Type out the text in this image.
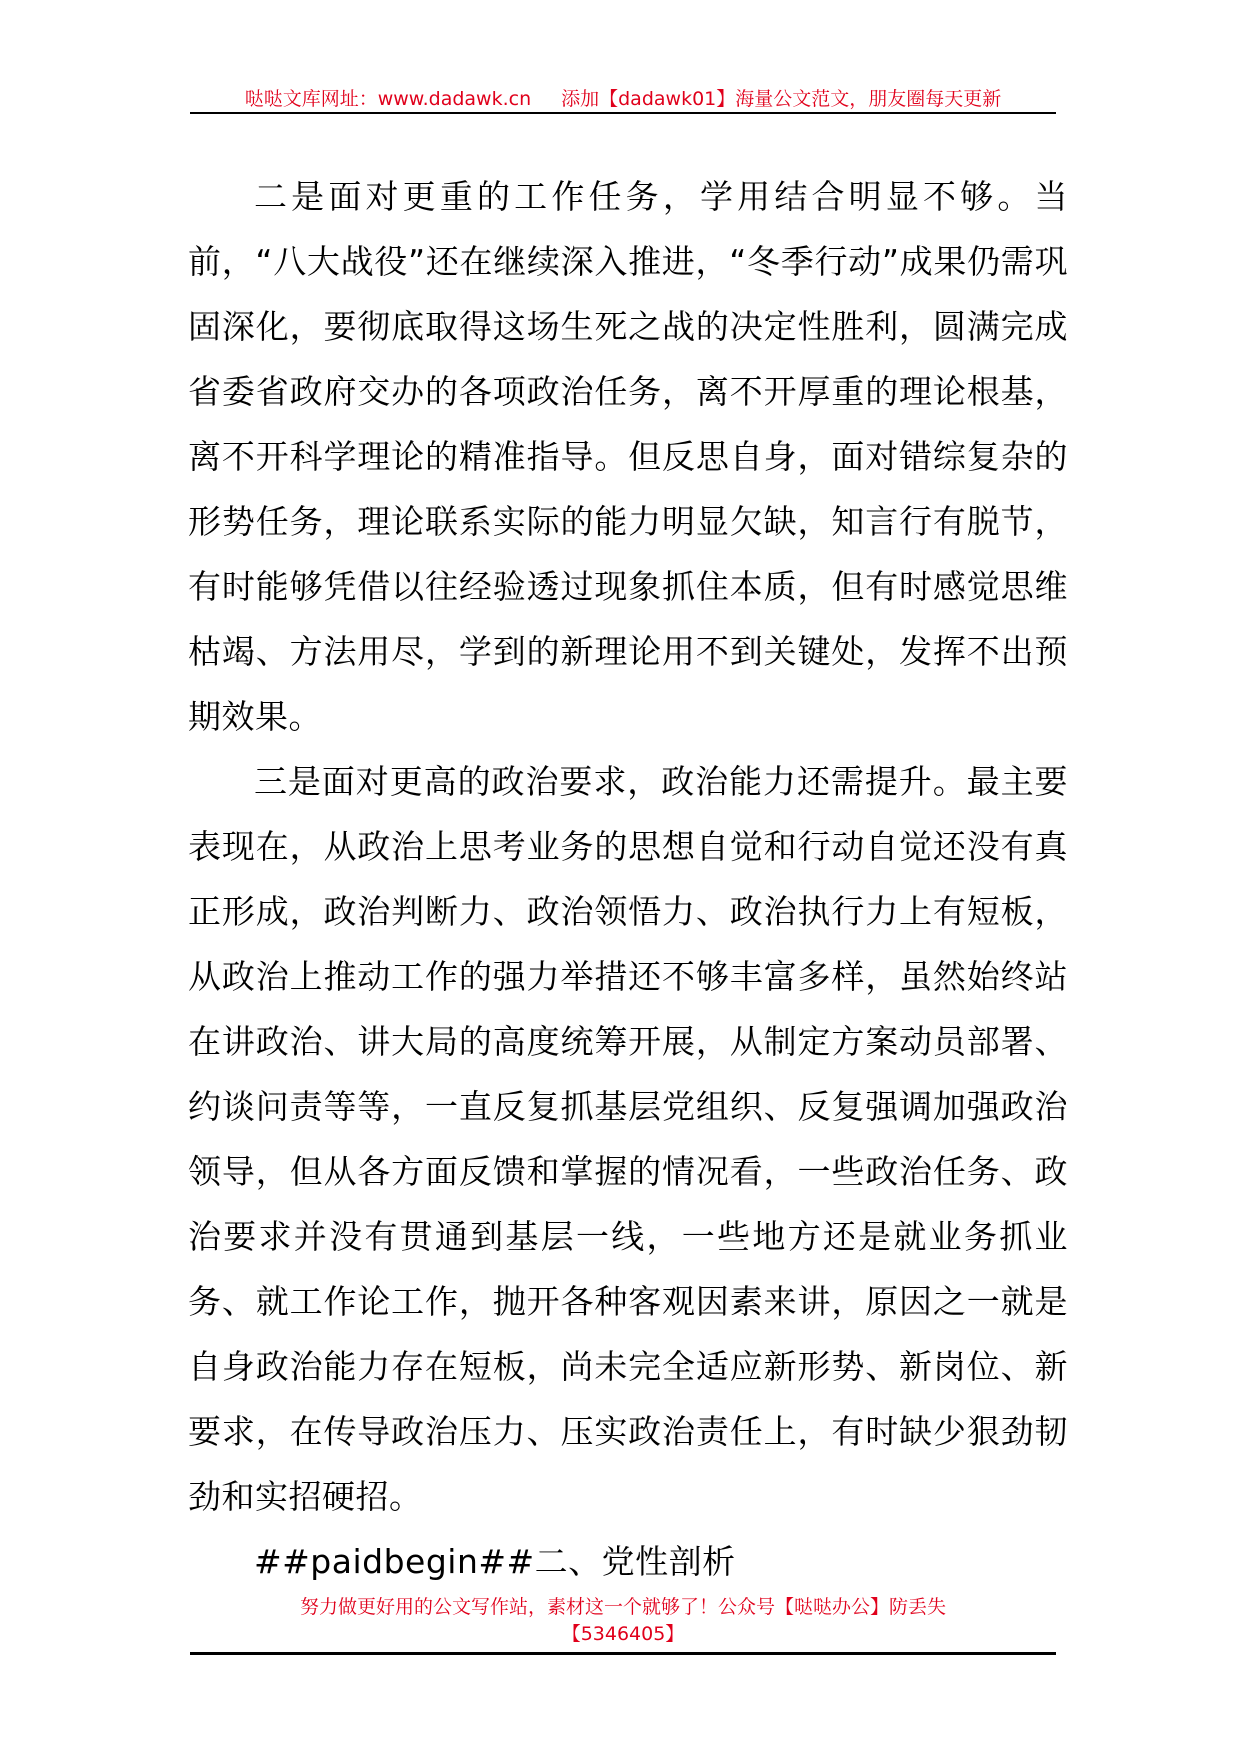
哒哒文库网址：www.dadawk.cn 添加【dadawk01】海量公文范文，朋友圈每天更新

二是面对更重的工作任务，学用结合明显不够。当前，“八大战役”还在继续深入推进，“冬季行动”成果仍需巩固深化，要彻底取得这场生死之战的决定性胜利，圆满完成省委省政府交办的各项政治任务，离不开厚重的理论根基，离不开科学理论的精准指导。但反思自身，面对错综复杂的形势任务，理论联系实际的能力明显欠缺，知言行有脱节，有时能够凭借以往经验透过现象抓住本质，但有时感觉思维枯竭、方法用尽，学到的新理论用不到关键处，发挥不出预期效果。

三是面对更高的政治要求，政治能力还需提升。最主要表现在，从政治上思考业务的思想自觉和行动自觉还没有真正形成，政治判断力、政治领悟力、政治执行力上有短板，从政治上推动工作的强力举措还不够丰富多样，虽然始终站在讲政治、讲大局的高度统筹开展，从制定方案动员部署、约谈问责等等，一直反复抓基层党组织、反复强调加强政治领导，但从各方面反馈和掌握的情况看，一些政治任务、政治要求并没有贯通到基层一线，一些地方还是就业务抓业务、就工作论工作，抛开各种客观因素来讲，原因之一就是自身政治能力存在短板，尚未完全适应新形势、新岗位、新要求，在传导政治压力、压实政治责任上，有时缺少狠劲韧劲和实招硬招。

##paidbegin##二、党性剖析

努力做更好用的公文写作站，素材这一个就够了！公众号【哒哒办公】防丢失
【5346405】
